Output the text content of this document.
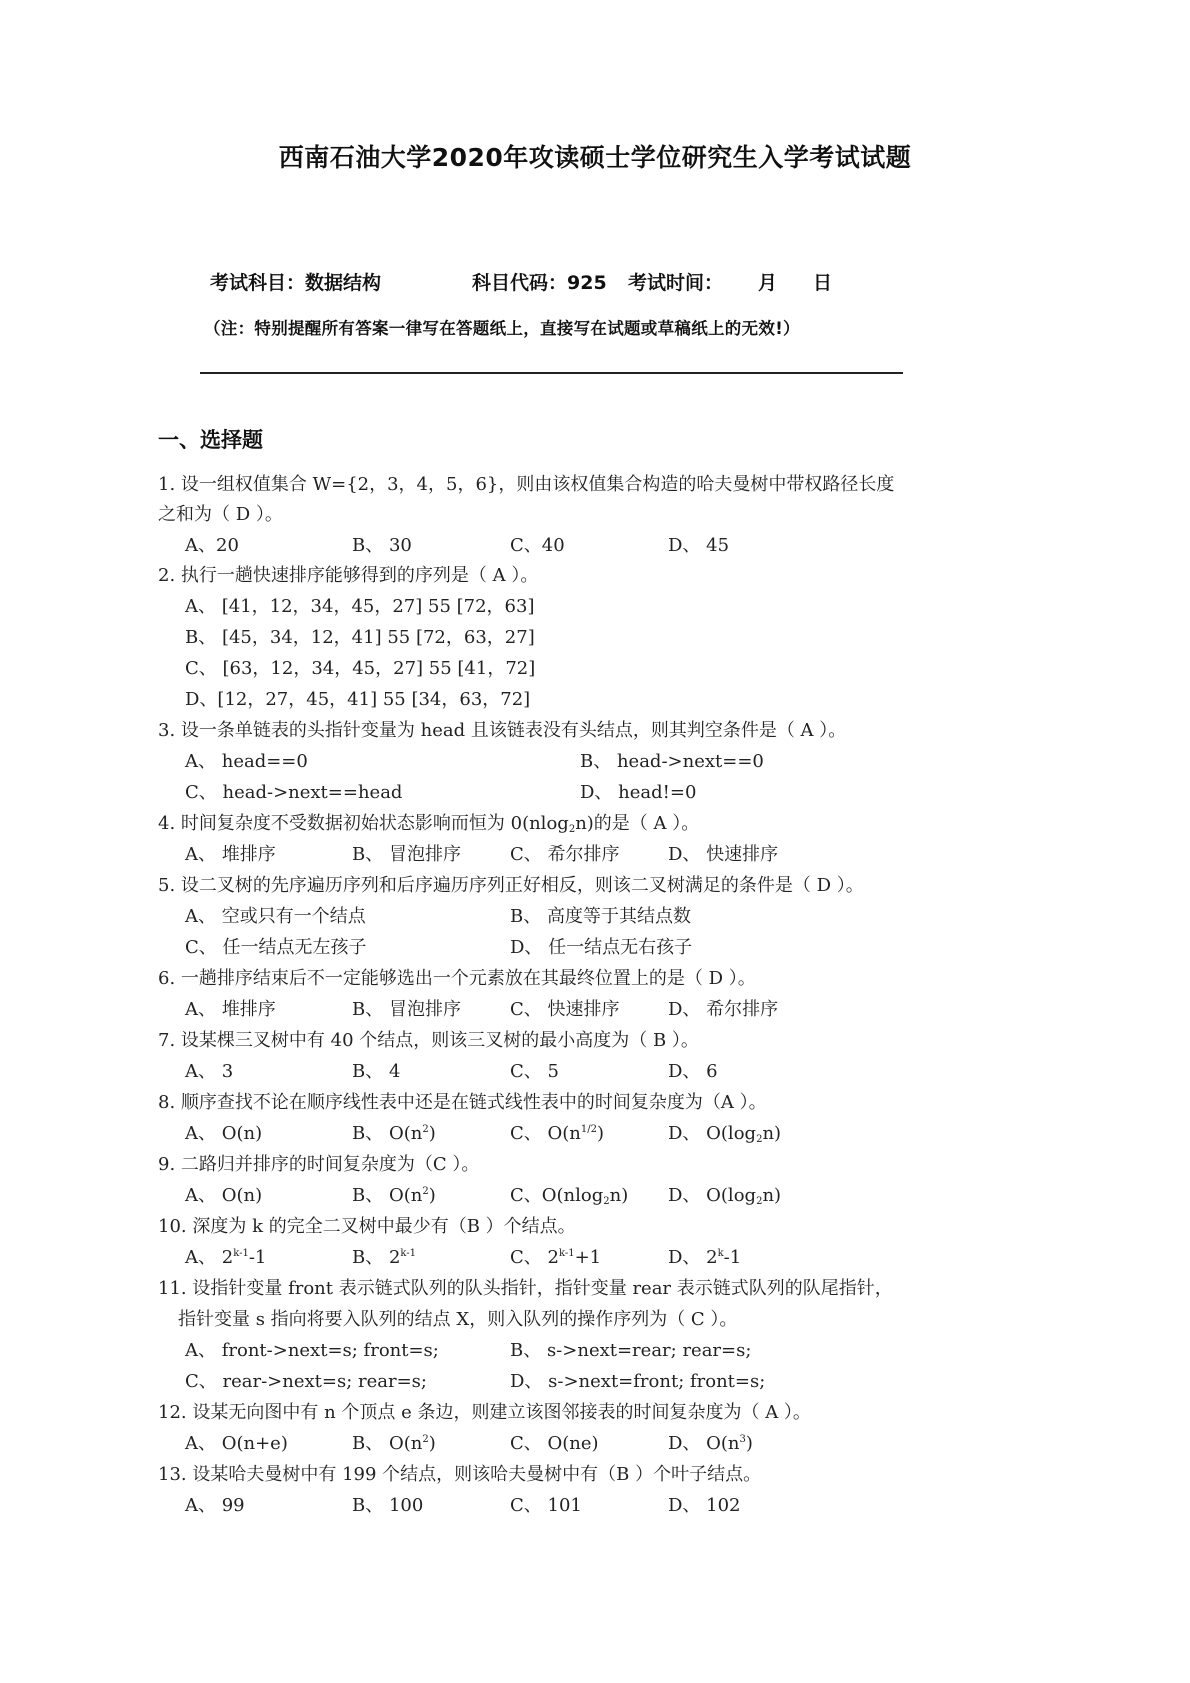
西南石油大学2020年攻读硕士学位研究生入学考试试题
考试科目：数据结构	科目代码：925 考试时间： 月 日
（注：特别提醒所有答案一律写在答题纸上，直接写在试题或草稿纸上的无效!）
一、选择题
1. 设一组权值集合 W={2，3，4，5，6}，则由该权值集合构造的哈夫曼树中带权路径长度
之和为（ D ）。
A、20	B、 30	C、40	D、 45
2. 执行一趟快速排序能够得到的序列是（ A ）。
A、 [41，12，34，45，27] 55 [72，63]
B、 [45，34，12，41] 55 [72，63，27]
C、 [63，12，34，45，27] 55 [41，72]
D、[12，27，45，41] 55 [34，63，72]
3. 设一条单链表的头指针变量为 head 且该链表没有头结点，则其判空条件是（ A ）。
A、 head==0	B、 head->next==0
C、 head->next==head	D、 head!=0
4. 时间复杂度不受数据初始状态影响而恒为 0(nlog$_2$n)的是（ A ）。
A、 堆排序	B、 冒泡排序	C、 希尔排序	D、 快速排序
5. 设二叉树的先序遍历序列和后序遍历序列正好相反，则该二叉树满足的条件是（ D ）。
A、 空或只有一个结点	B、 高度等于其结点数
C、 任一结点无左孩子	D、 任一结点无右孩子
6. 一趟排序结束后不一定能够选出一个元素放在其最终位置上的是（ D ）。
A、 堆排序	B、 冒泡排序	C、 快速排序	D、 希尔排序
7. 设某棵三叉树中有 40 个结点，则该三叉树的最小高度为（ B ）。
A、 3	B、 4	C、 5	D、 6
8. 顺序查找不论在顺序线性表中还是在链式线性表中的时间复杂度为（A ）。
A、 O(n)	B、 $O(n^2)$	C、 $O(n^{1/2})$	D、 $O(\log_2n)$
9. 二路归并排序的时间复杂度为（C ）。
A、 O(n)	B、 $O(n^2)$	C、O(nlog$_2$n) D、 $O(\log_2n)$
10. 深度为 k 的完全二叉树中最少有（B ）个结点。
A、 2$^{k-1}$-1	B、 2$^{k-1}$	C、 $2^{k-1}+1$	D、 2$^k$-1
11. 设指针变量 front 表示链式队列的队头指针，指针变量 rear 表示链式队列的队尾指针，
指针变量 s 指向将要入队列的结点 X，则入队列的操作序列为（ C ）。
A、 front->next=s; front=s;	B、 s->next=rear; rear=s;
C、 rear->next=s; rear=s;	D、 s->next=front; front=s;
12. 设某无向图中有 n 个顶点 e 条边，则建立该图邻接表的时间复杂度为（ A ）。
A、 O(n+e)	B、 $O(n^2)$	C、 O(ne)	D、 $O(n^3)$
13. 设某哈夫曼树中有 199 个结点，则该哈夫曼树中有（B ）个叶子结点。
A、 99	B、 100	C、 101	D、 102
